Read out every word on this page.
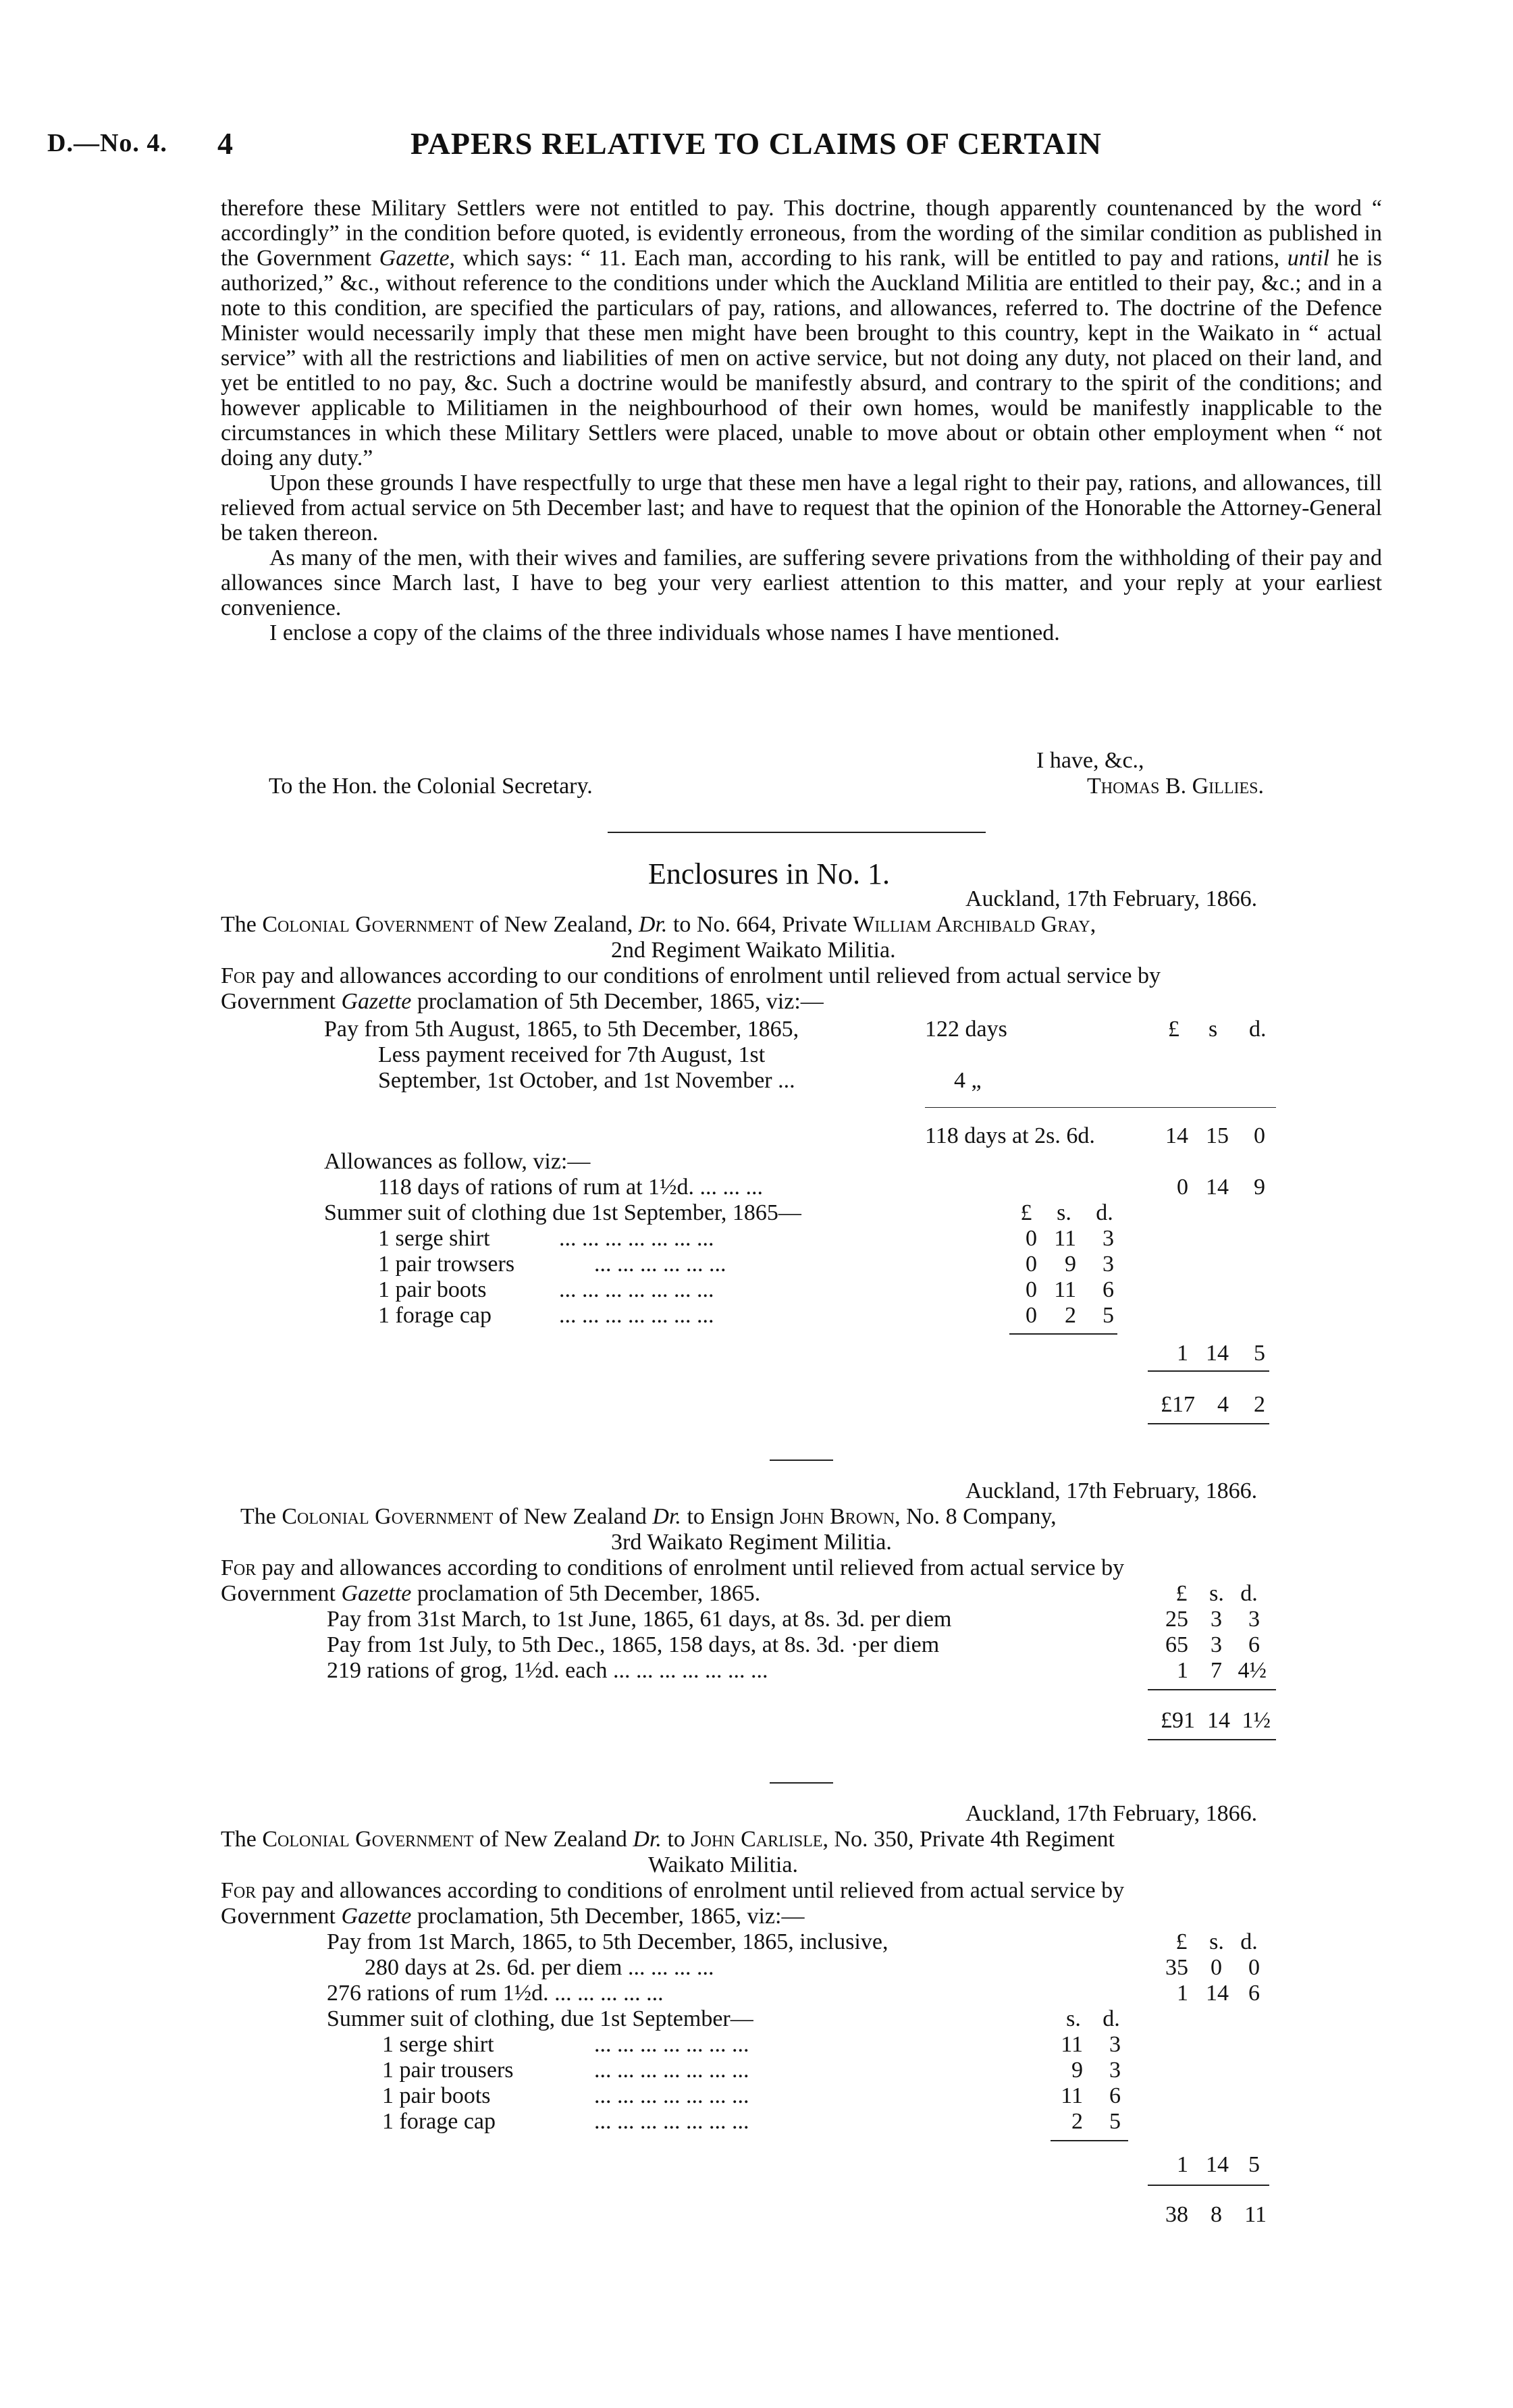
D.—No. 4. 4	PAPERS RELATIVE TO CLAIMS OF CERTAIN

therefore these Military Settlers were not entitled to pay. This doctrine, though apparently countenanced by the word “ accordingly” in the condition before quoted, is evidently erroneous, from the wording of the similar condition as published in the Government Gazette, which says: “ 11. Each man, according to his rank, will be entitled to pay and rations, until he is authorized,” &c., without reference to the conditions under which the Auckland Militia are entitled to their pay, &c.; and in a note to this condition, are specified the particulars of pay, rations, and allowances, referred to. The doctrine of the Defence Minister would necessarily imply that these men might have been brought to this country, kept in the Waikato in “ actual service” with all the restrictions and liabilities of men on active service, but not doing any duty, not placed on their land, and yet be entitled to no pay, &c. Such a doctrine would be manifestly absurd, and contrary to the spirit of the conditions; and however applicable to Militiamen in the neighbourhood of their own homes, would be manifestly inapplicable to the circumstances in which these Military Settlers were placed, unable to move about or obtain other employment when “ not doing any duty.”

Upon these grounds I have respectfully to urge that these men have a legal right to their pay, rations, and allowances, till relieved from actual service on 5th December last; and have to request that the opinion of the Honorable the Attorney-General be taken thereon.

As many of the men, with their wives and families, are suffering severe privations from the withholding of their pay and allowances since March last, I have to beg your very earliest attention to this matter, and your reply at your earliest convenience.

I enclose a copy of the claims of the three individuals whose names I have mentioned.

I have, &c.,
To the Hon. the Colonial Secretary.	Thomas B. Gillies.
Enclosures in No. 1.
Auckland, 17th February, 1866.
The Colonial Government of New Zealand, Dr. to No. 664, Private William Archibald Gray,
2nd Regiment Waikato Militia.
For pay and allowances according to our conditions of enrolment until relieved from actual service by
Government Gazette proclamation of 5th December, 1865, viz:—
Pay from 5th August, 1865, to 5th December, 1865,	122 days	£ s d.
Less payment received for 7th August, 1st
September, 1st October, and 1st November ...	4 „
118 days at 2s. 6d.	14 15	0
Allowances as follow, viz:—
118 days of rations of rum at 1½d. ... ... ...	0 14	9
Summer suit of clothing due 1st September, 1865—	£	s. d.
1 serge shirt	... ... ... ... ... ... ...	0 11	3
1 pair trowsers	... ... ... ... ... ...	0	9	3
1 pair boots	... ... ... ... ... ... ...	0 11	6
1 forage cap	... ... ... ... ... ... ...	0	2	5
1 14	5
£17 4	2
Auckland, 17th February, 1866.
The Colonial Government of New Zealand Dr. to Ensign John Brown, No. 8 Company,
3rd Waikato Regiment Militia.
For pay and allowances according to conditions of enrolment until relieved from actual service by
Government Gazette proclamation of 5th December, 1865.	£ s. d.
Pay from 31st March, to 1st June, 1865, 61 days, at 8s. 3d. per diem	25 3	3
Pay from 1st July, to 5th Dec., 1865, 158 days, at 8s. 3d. ·per diem	65 3	6
219 rations of grog, 1½d. each ... ... ... ... ... ... ...	1 7 4½
£91 14 1½
Auckland, 17th February, 1866.
The Colonial Government of New Zealand Dr. to John Carlisle, No. 350, Private 4th Regiment
Waikato Militia.
For pay and allowances according to conditions of enrolment until relieved from actual service by
Government Gazette proclamation, 5th December, 1865, viz:—
Pay from 1st March, 1865, to 5th December, 1865, inclusive,	£ s. d.
280 days at 2s. 6d. per diem ... ... ... ...	35 0	0
276 rations of rum 1½d. ... ... ... ... ...	1 14 6
Summer suit of clothing, due 1st September—	s. d.
1 serge shirt	... ... ... ... ... ... ...	11	3
1 pair trousers	... ... ... ... ... ... ...	9	3
1 pair boots	... ... ... ... ... ... ...	11	6
1 forage cap	... ... ... ... ... ... ...	2	5
1 14 5
38 8 11
